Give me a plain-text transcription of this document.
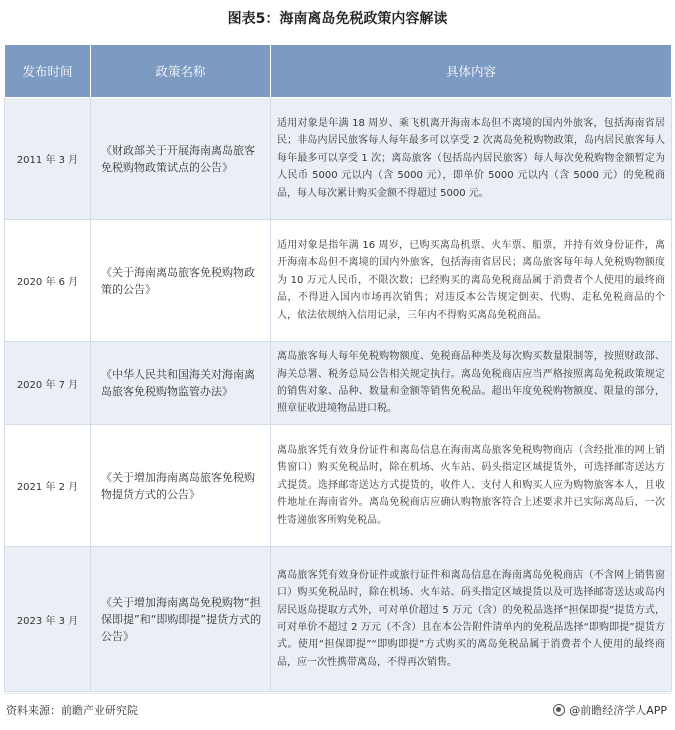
图表5：海南离岛免税政策内容解读
发布时间	政策名称	具体内容
2011 年 3 月	《财政部关于开展海南离岛旅客免税购物政策试点的公告》	适用对象是年满 18 周岁、乘飞机离开海南本岛但不离境的国内外旅客，包括海南省居民；非岛内居民旅客每人每年最多可以享受 2 次离岛免税购物政策，岛内居民旅客每人每年最多可以享受 1 次；离岛旅客（包括岛内居民旅客）每人每次免税购物金额暂定为人民币 5000 元以内（含 5000 元），即单价 5000 元以内（含 5000 元）的免税商品，每人每次累计购买金额不得超过 5000 元。
2020 年 6 月	《关于海南离岛旅客免税购物政策的公告》	适用对象是指年满 16 周岁，已购买离岛机票、火车票、船票，并持有效身份证件，离开海南本岛但不离境的国内外旅客，包括海南省居民；离岛旅客每年每人免税购物额度为 10 万元人民币，不限次数；已经购买的离岛免税商品属于消费者个人使用的最终商品，不得进入国内市场再次销售；对违反本公告规定倒卖、代购、走私免税商品的个人，依法依规纳入信用记录，三年内不得购买离岛免税商品。
2020 年 7 月	《中华人民共和国海关对海南离岛旅客免税购物监管办法》	离岛旅客每人每年免税购物额度、免税商品种类及每次购买数量限制等，按照财政部、海关总署、税务总局公告相关规定执行。离岛免税商店应当严格按照离岛免税政策规定的销售对象、品种、数量和金额等销售免税品。超出年度免税购物额度、限量的部分，照章征收进境物品进口税。
2021 年 2 月	《关于增加海南离岛旅客免税购物提货方式的公告》	离岛旅客凭有效身份证件和离岛信息在海南离岛旅客免税购物商店（含经批准的网上销售窗口）购买免税品时，除在机场、火车站、码头指定区域提货外，可选择邮寄送达方式提货。选择邮寄送达方式提货的，收件人、支付人和购买人应为购物旅客本人，且收件地址在海南省外。离岛免税商店应确认购物旅客符合上述要求并已实际离岛后，一次性寄递旅客所购免税品。
2023 年 3 月	《关于增加海南离岛免税购物“担保即提”和“即购即提”提货方式的公告》	离岛旅客凭有效身份证件或旅行证件和离岛信息在海南离岛免税商店（不含网上销售窗口）购买免税品时，除在机场、火车站、码头指定区域提货以及可选择邮寄送达或岛内居民返岛提取方式外，可对单价超过 5 万元（含）的免税品选择“担保即提”提货方式，可对单价不超过 2 万元（不含）且在本公告附件清单内的免税品选择“即购即提”提货方式。使用“担保即提”“即购即提”方式购买的离岛免税品属于消费者个人使用的最终商品，应一次性携带离岛，不得再次销售。
资料来源：前瞻产业研究院	@前瞻经济学人APP
